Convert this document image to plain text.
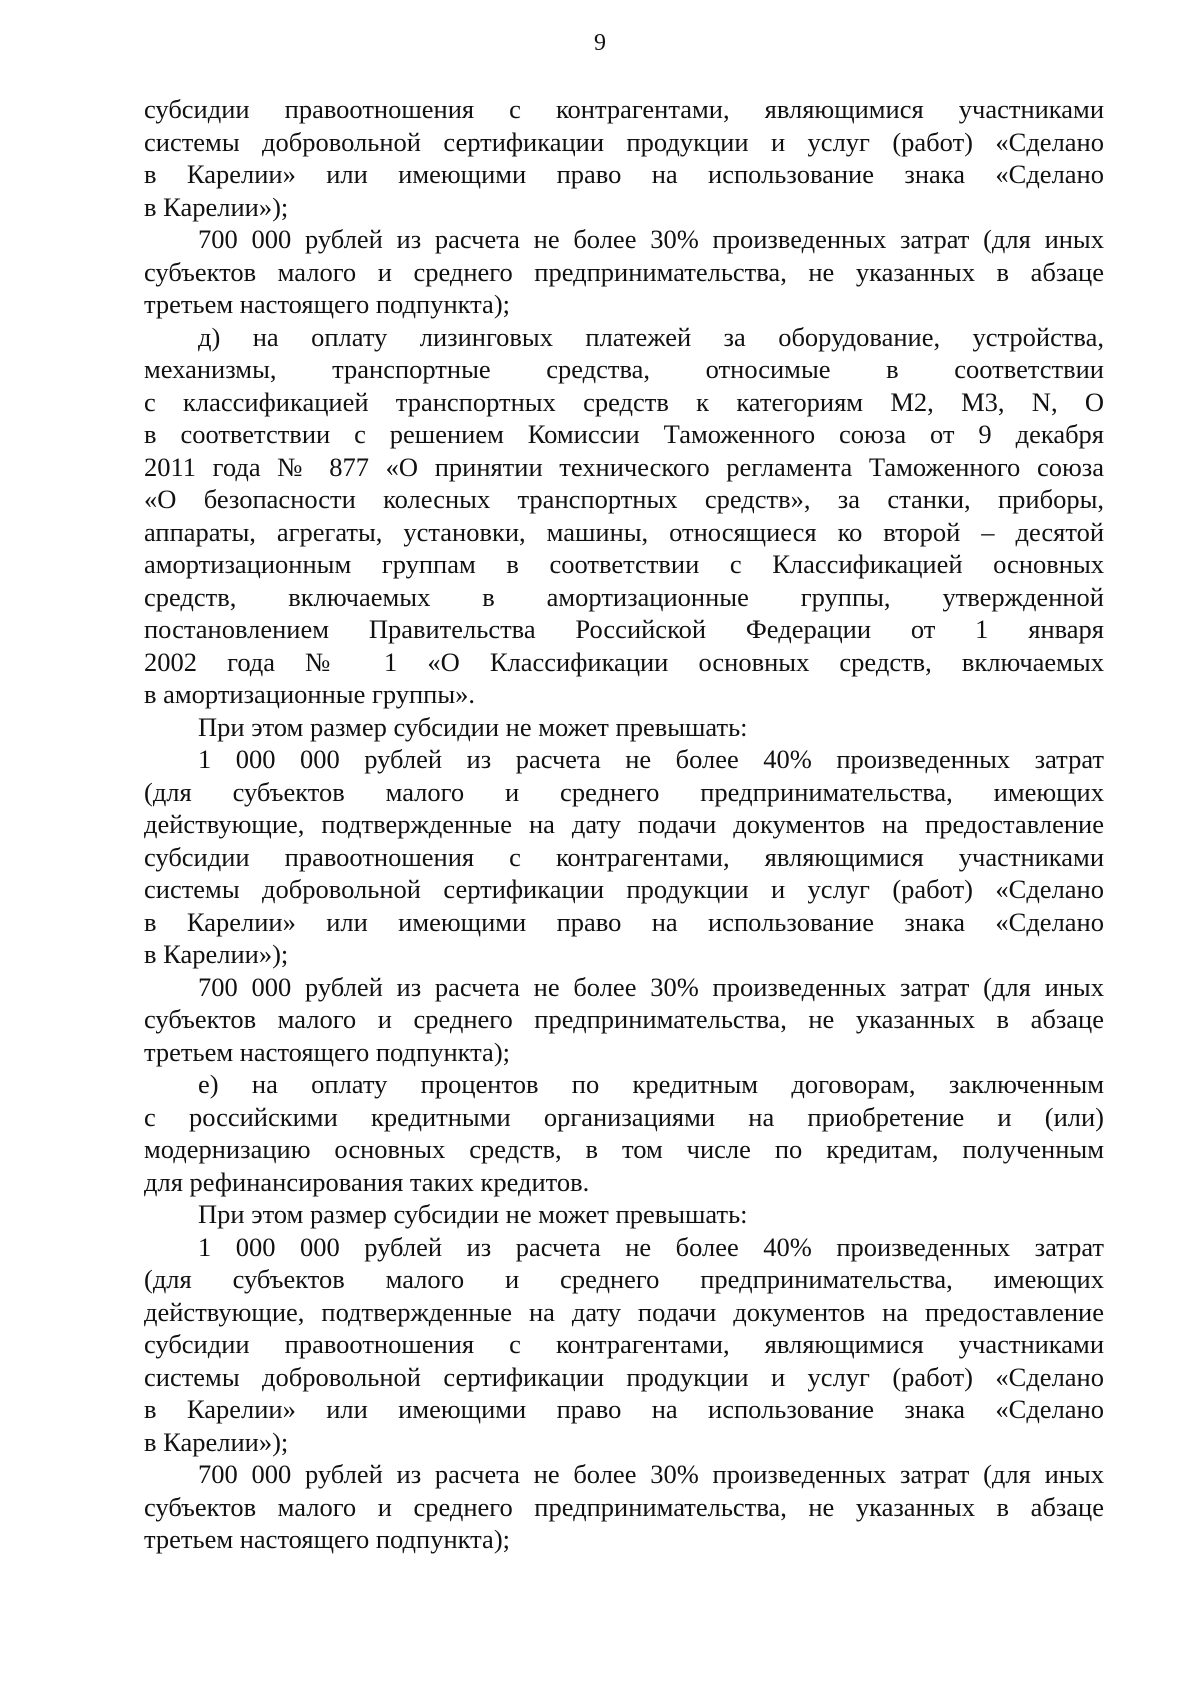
9
субсидии правоотношения с контрагентами, являющимися участниками
системы добровольной сертификации продукции и услуг (работ) «Сделано
в Карелии» или имеющими право на использование знака «Сделано
в Карелии»);
700 000 рублей из расчета не более 30% произведенных затрат (для иных
субъектов малого и среднего предпринимательства, не указанных в абзаце
третьем настоящего подпункта);
д) на оплату лизинговых платежей за оборудование, устройства,
механизмы, транспортные средства, относимые в соответствии
с классификацией транспортных средств к категориям М2, М3, N, O
в соответствии с решением Комиссии Таможенного союза от 9 декабря
2011 года № 877 «О принятии технического регламента Таможенного союза
«О безопасности колесных транспортных средств», за станки, приборы,
аппараты, агрегаты, установки, машины, относящиеся ко второй – десятой
амортизационным группам в соответствии с Классификацией основных
средств, включаемых в амортизационные группы, утвержденной
постановлением Правительства Российской Федерации от 1 января
2002 года № 1 «О Классификации основных средств, включаемых
в амортизационные группы».
При этом размер субсидии не может превышать:
1 000 000 рублей из расчета не более 40% произведенных затрат
(для субъектов малого и среднего предпринимательства, имеющих
действующие, подтвержденные на дату подачи документов на предоставление
субсидии правоотношения с контрагентами, являющимися участниками
системы добровольной сертификации продукции и услуг (работ) «Сделано
в Карелии» или имеющими право на использование знака «Сделано
в Карелии»);
700 000 рублей из расчета не более 30% произведенных затрат (для иных
субъектов малого и среднего предпринимательства, не указанных в абзаце
третьем настоящего подпункта);
е) на оплату процентов по кредитным договорам, заключенным
с российскими кредитными организациями на приобретение и (или)
модернизацию основных средств, в том числе по кредитам, полученным
для рефинансирования таких кредитов.
При этом размер субсидии не может превышать:
1 000 000 рублей из расчета не более 40% произведенных затрат
(для субъектов малого и среднего предпринимательства, имеющих
действующие, подтвержденные на дату подачи документов на предоставление
субсидии правоотношения с контрагентами, являющимися участниками
системы добровольной сертификации продукции и услуг (работ) «Сделано
в Карелии» или имеющими право на использование знака «Сделано
в Карелии»);
700 000 рублей из расчета не более 30% произведенных затрат (для иных
субъектов малого и среднего предпринимательства, не указанных в абзаце
третьем настоящего подпункта);
